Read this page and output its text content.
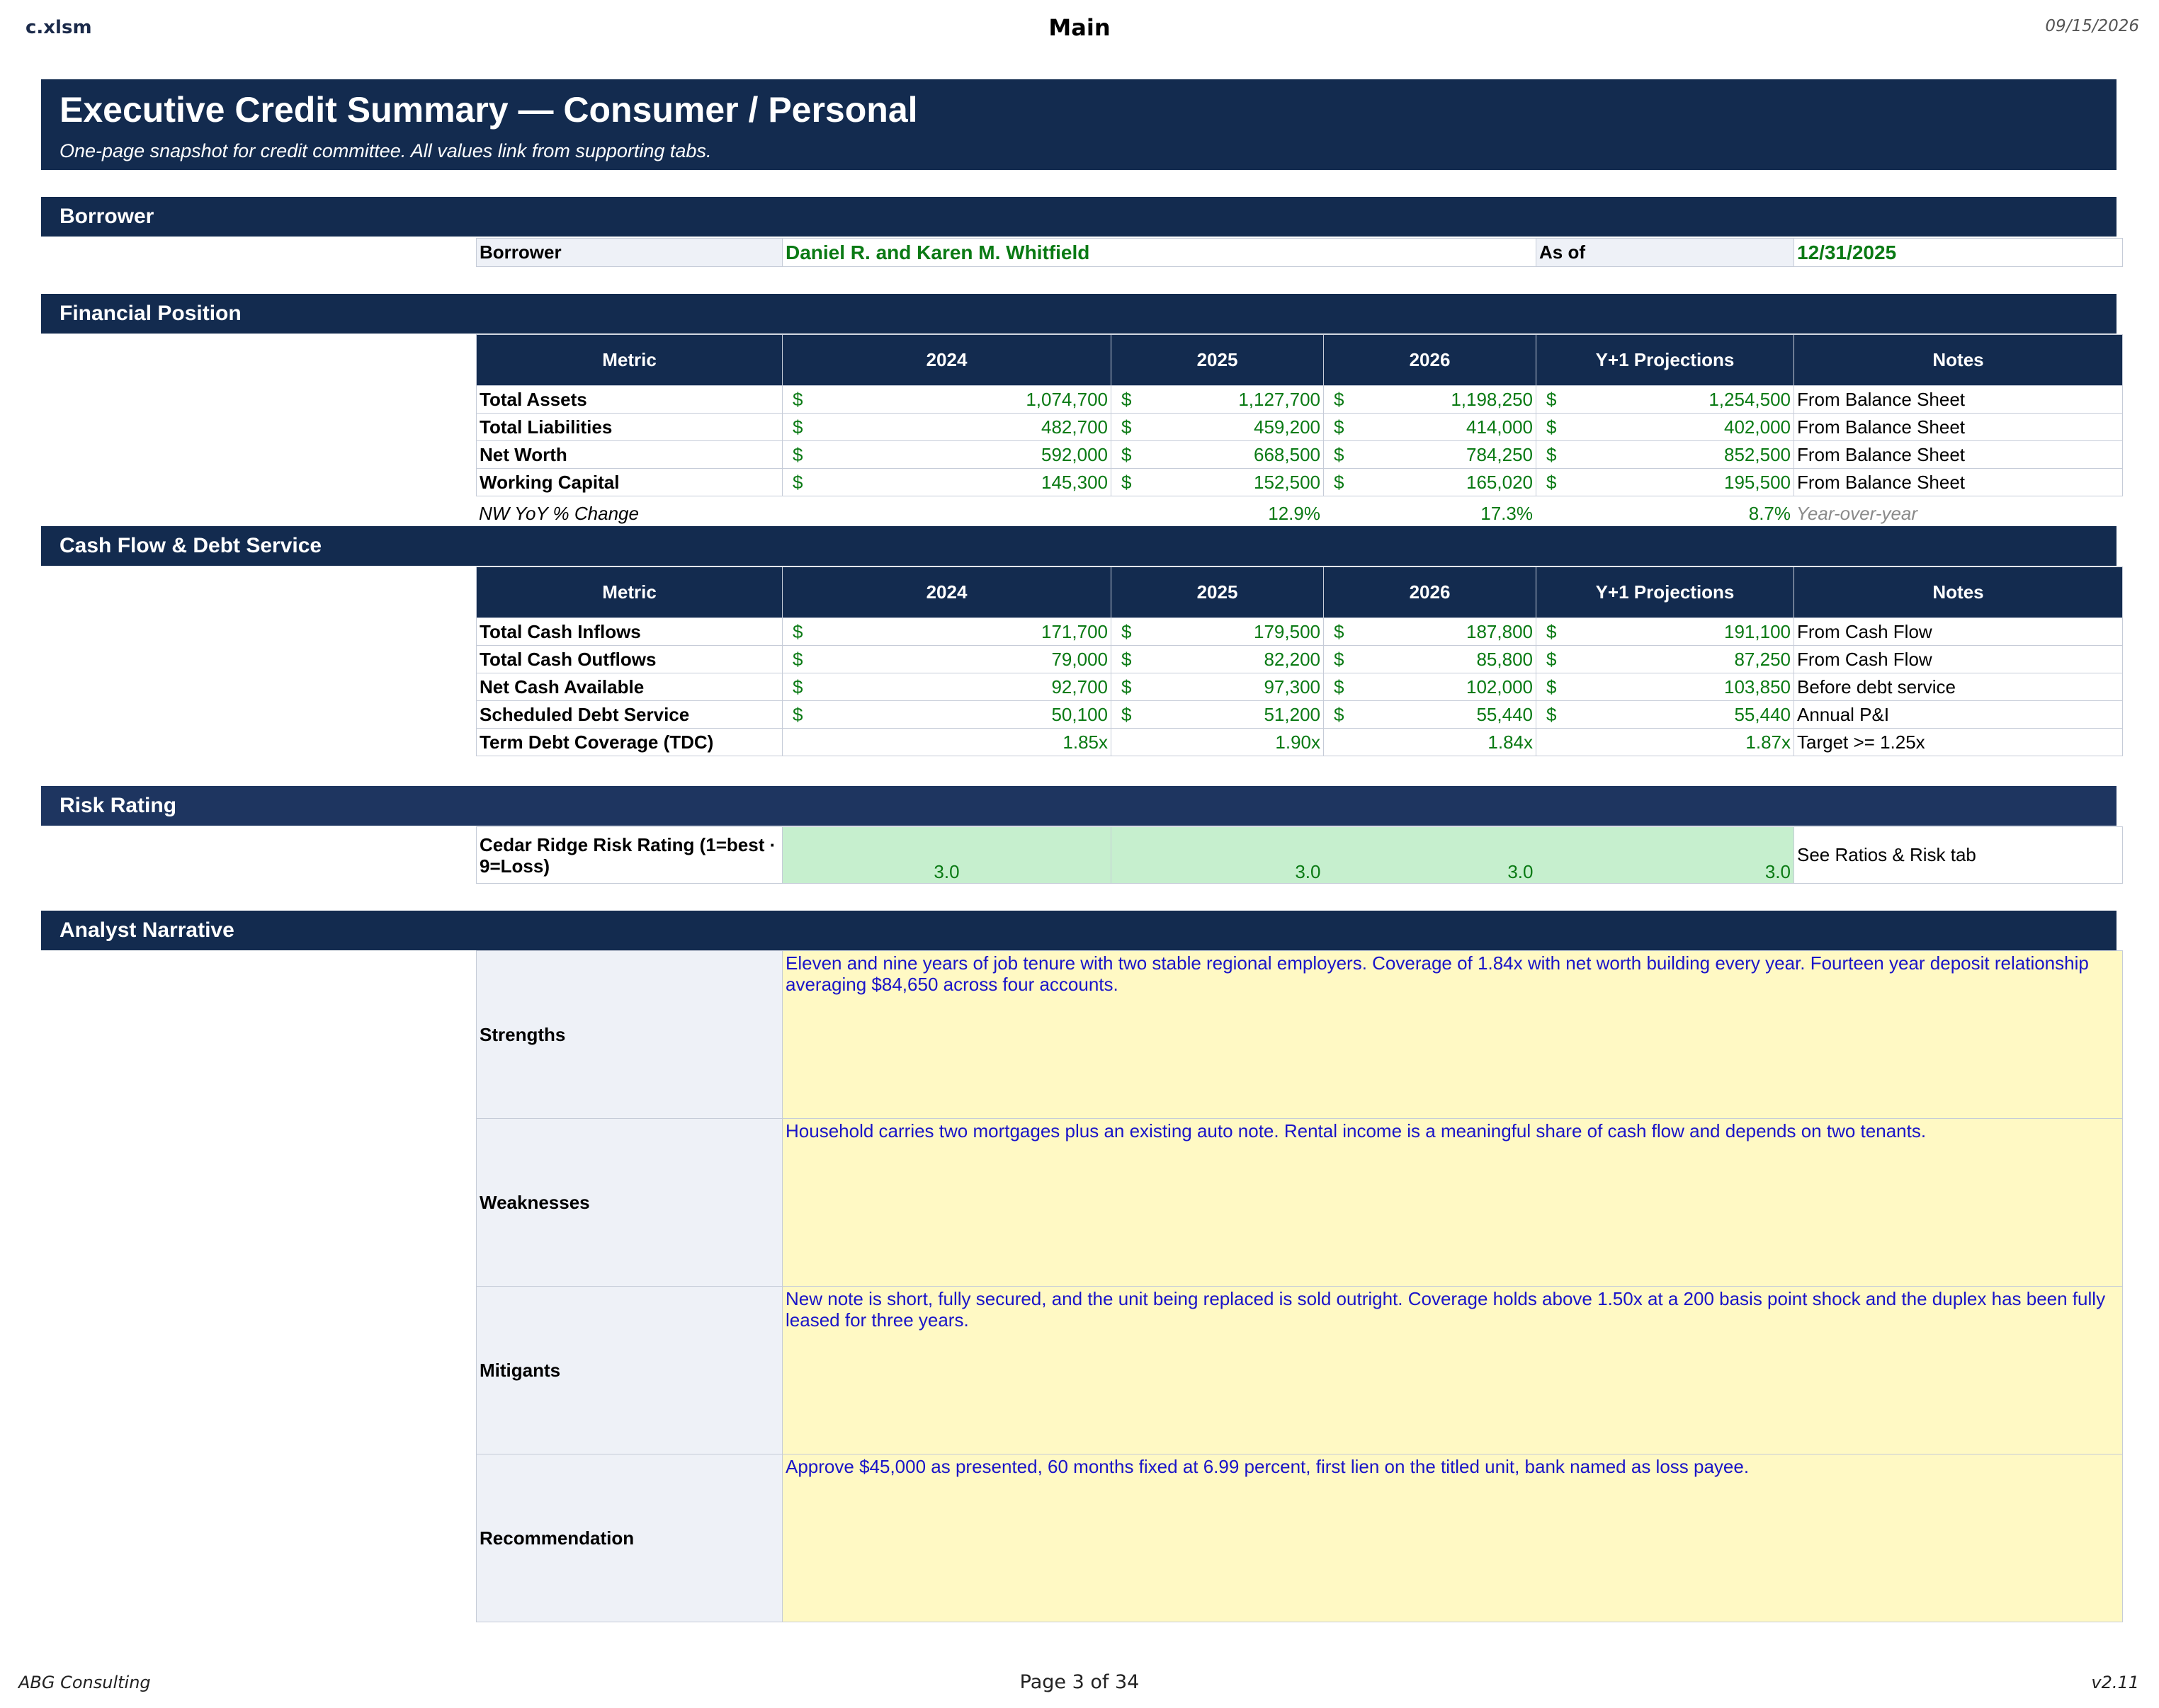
c.xlsm	Main	09/15/2026
Executive Credit Summary — Consumer / Personal
One-page snapshot for credit committee. All values link from supporting tabs.
Borrower
Borrower	Daniel R. and Karen M. Whitfield	As of	12/31/2025
Financial Position
Metric	2024	2025	2026	Y+1 Projections	Notes
Total Assets	$ 1,074,700	$ 1,127,700	$ 1,198,250	$ 1,254,500	From Balance Sheet
Total Liabilities	$ 482,700	$ 459,200	$ 414,000	$ 402,000	From Balance Sheet
Net Worth	$ 592,000	$ 668,500	$ 784,250	$ 852,500	From Balance Sheet
Working Capital	$ 145,300	$ 152,500	$ 165,020	$ 195,500	From Balance Sheet
NW YoY % Change		12.9%	17.3%	8.7%	Year-over-year
Cash Flow & Debt Service
Metric	2024	2025	2026	Y+1 Projections	Notes
Total Cash Inflows	$ 171,700	$ 179,500	$ 187,800	$ 191,100	From Cash Flow
Total Cash Outflows	$ 79,000	$ 82,200	$ 85,800	$ 87,250	From Cash Flow
Net Cash Available	$ 92,700	$ 97,300	$ 102,000	$ 103,850	Before debt service
Scheduled Debt Service	$ 50,100	$ 51,200	$ 55,440	$ 55,440	Annual P&I
Term Debt Coverage (TDC)	1.85x	1.90x	1.84x	1.87x	Target >= 1.25x
Risk Rating
Cedar Ridge Risk Rating (1=best ·
9=Loss)	3.0	3.0	3.0	3.0	See Ratios & Risk tab
Analyst Narrative
Strengths	Eleven and nine years of job tenure with two stable regional employers. Coverage of 1.84x with net worth building every year. Fourteen year deposit relationship averaging $84,650 across four accounts.
Weaknesses	Household carries two mortgages plus an existing auto note. Rental income is a meaningful share of cash flow and depends on two tenants.
Mitigants	New note is short, fully secured, and the unit being replaced is sold outright. Coverage holds above 1.50x at a 200 basis point shock and the duplex has been fully leased for three years.
Recommendation	Approve $45,000 as presented, 60 months fixed at 6.99 percent, first lien on the titled unit, bank named as loss payee.
ABG Consulting	Page 3 of 34	v2.11
